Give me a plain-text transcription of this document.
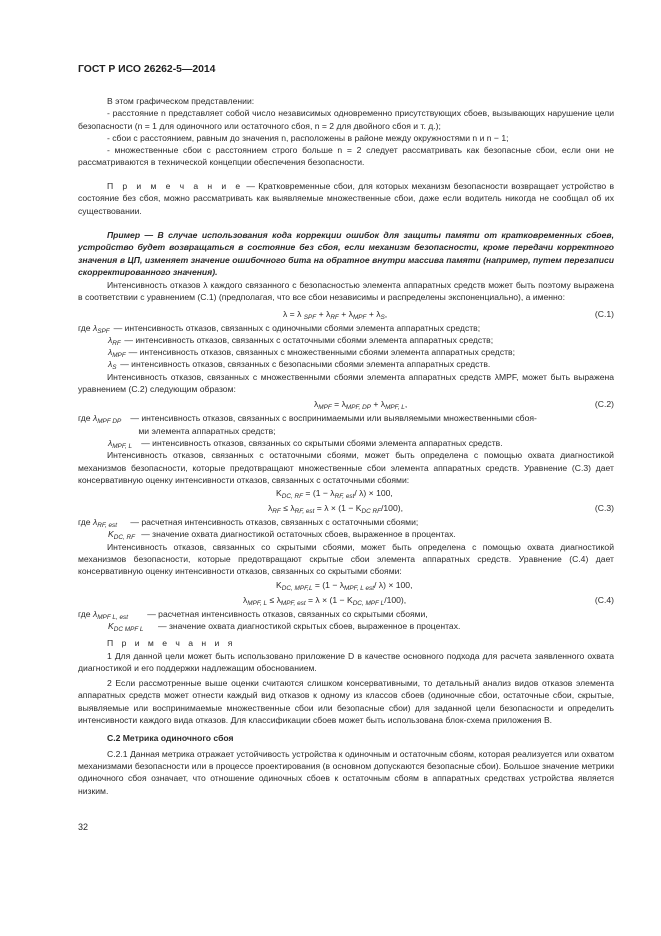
ГОСТ Р ИСО 26262-5—2014

В этом графическом представлении:

- расстояние n представляет собой число независимых одновременно присутствующих сбоев, вызывающих нарушение цели безопасности (n = 1 для одиночного или остаточного сбоя, n = 2 для двойного сбоя и т. д.);

- сбои с расстоянием, равным до значения n, расположены в районе между окружностями n и n − 1;

- множественные сбои с расстоянием строго больше n = 2 следует рассматривать как безопасные сбои, если они не рассматриваются в технической концепции обеспечения безопасности.

П р и м е ч а н и е — Кратковременные сбои, для которых механизм безопасности возвращает устройство в состояние без сбоя, можно рассматривать как выявляемые множественные сбои, даже если водитель никогда не сообщал об их существовании.

Пример — В случае использования кода коррекции ошибок для защиты памяти от кратковременных сбоев, устройство будет возвращаться в состояние без сбоя, если механизм безопасности, кроме передачи корректного значения в ЦП, изменяет значение ошибочного бита на обратное внутри массива памяти (например, путем перезаписи скорректированного значения).

Интенсивность отказов λ каждого связанного с безопасностью элемента аппаратных средств может быть поэтому выражена в соответствии с уравнением (С.1) (предполагая, что все сбои независимы и распределены экспоненциально), а именно:

λ = λ $_{SPF} + \lambda_{RF} + \lambda_{MPF} + \lambda_S$,	(С.1)
где $\lambda_{SPF}$ — интенсивность отказов, связанных с одиночными сбоями элемента аппаратных средств;
$\lambda_{RF}$ — интенсивность отказов, связанных с остаточными сбоями элемента аппаратных средств;
$\lambda_{MPF}$ — интенсивность отказов, связанных с множественными сбоями элемента аппаратных средств;
$\lambda_S$ — интенсивность отказов, связанных с безопасными сбоями элемента аппаратных средств.

Интенсивность отказов, связанных с множественными сбоями элемента аппаратных средств λMPF, может быть выражена уравнением (С.2) следующим образом:

$\lambda_{MPF} = \lambda_{MPF, DP} + \lambda_{MPF, L}$,	(С.2)
где $\lambda_{MPF DP}$ — интенсивность отказов, связанных с воспринимаемыми или выявляемыми множественными сбоя-
ми элемента аппаратных средств;
$\lambda_{MPF, L}$ — интенсивность отказов, связанных со скрытыми сбоями элемента аппаратных средств.

Интенсивность отказов, связанных с остаточными сбоями, может быть определена с помощью охвата диагностикой механизмов безопасности, которые предотвращают множественные сбои элемента аппаратных средств. Уравнение (С.3) дает консервативную оценку интенсивности отказов, связанных с остаточными сбоями:

$K_{DC, RF} = (1 - \lambda_{RF, est}/$ λ) × 100,
$\lambda_{RF} \le \lambda_{RF, est} = \lambda \times (1 - K_{DC RF}/100)$,	(С.3)
где $\lambda_{RF, est}$ — расчетная интенсивность отказов, связанных с остаточными сбоями;
$K_{DC, RF}$ — значение охвата диагностикой остаточных сбоев, выраженное в процентах.

Интенсивность отказов, связанных со скрытыми сбоями, может быть определена с помощью охвата диагностикой механизмов безопасности, которые предотвращают скрытые сбои элемента аппаратных средств. Уравнение (С.4) дает консервативную оценку интенсивности отказов, связанных со скрытыми сбоями:

$K_{DC, MPF,L} = (1 - \lambda_{MPF, L est}/$ λ) × 100,
$\lambda_{MPF, L} \le \lambda_{MPF, est} = \lambda \times (1 - K_{DC, MPF L}/100)$,	(С.4)
где $\lambda_{MPF L, est}$ — расчетная интенсивность отказов, связанных со скрытыми сбоями,
$K_{DC MPF L}$ — значение охвата диагностикой скрытых сбоев, выраженное в процентах.

П р и м е ч а н и я

1 Для данной цели может быть использовано приложение D в качестве основного подхода для расчета заявленного охвата диагностикой и его поддержки надлежащим обоснованием.

2 Если рассмотренные выше оценки считаются слишком консервативными, то детальный анализ видов отказов элемента аппаратных средств может отнести каждый вид отказов к одному из классов сбоев (одиночные сбои, остаточные сбои, скрытые, выявляемые или воспринимаемые множественные сбои или безопасные сбои) для заданной цели безопасности и определить интенсивности каждого вида отказов. Для классификации сбоев может быть использована блок-схема приложения В.

С.2 Метрика одиночного сбоя

С.2.1 Данная метрика отражает устойчивость устройства к одиночным и остаточным сбоям, которая реализуется или охватом механизмами безопасности или в процессе проектирования (в основном допускаются безопасные сбои). Большое значение метрики одиночного сбоя означает, что отношение одиночных сбоев к остаточным сбоям в аппаратных средствах устройства является низким.

32
